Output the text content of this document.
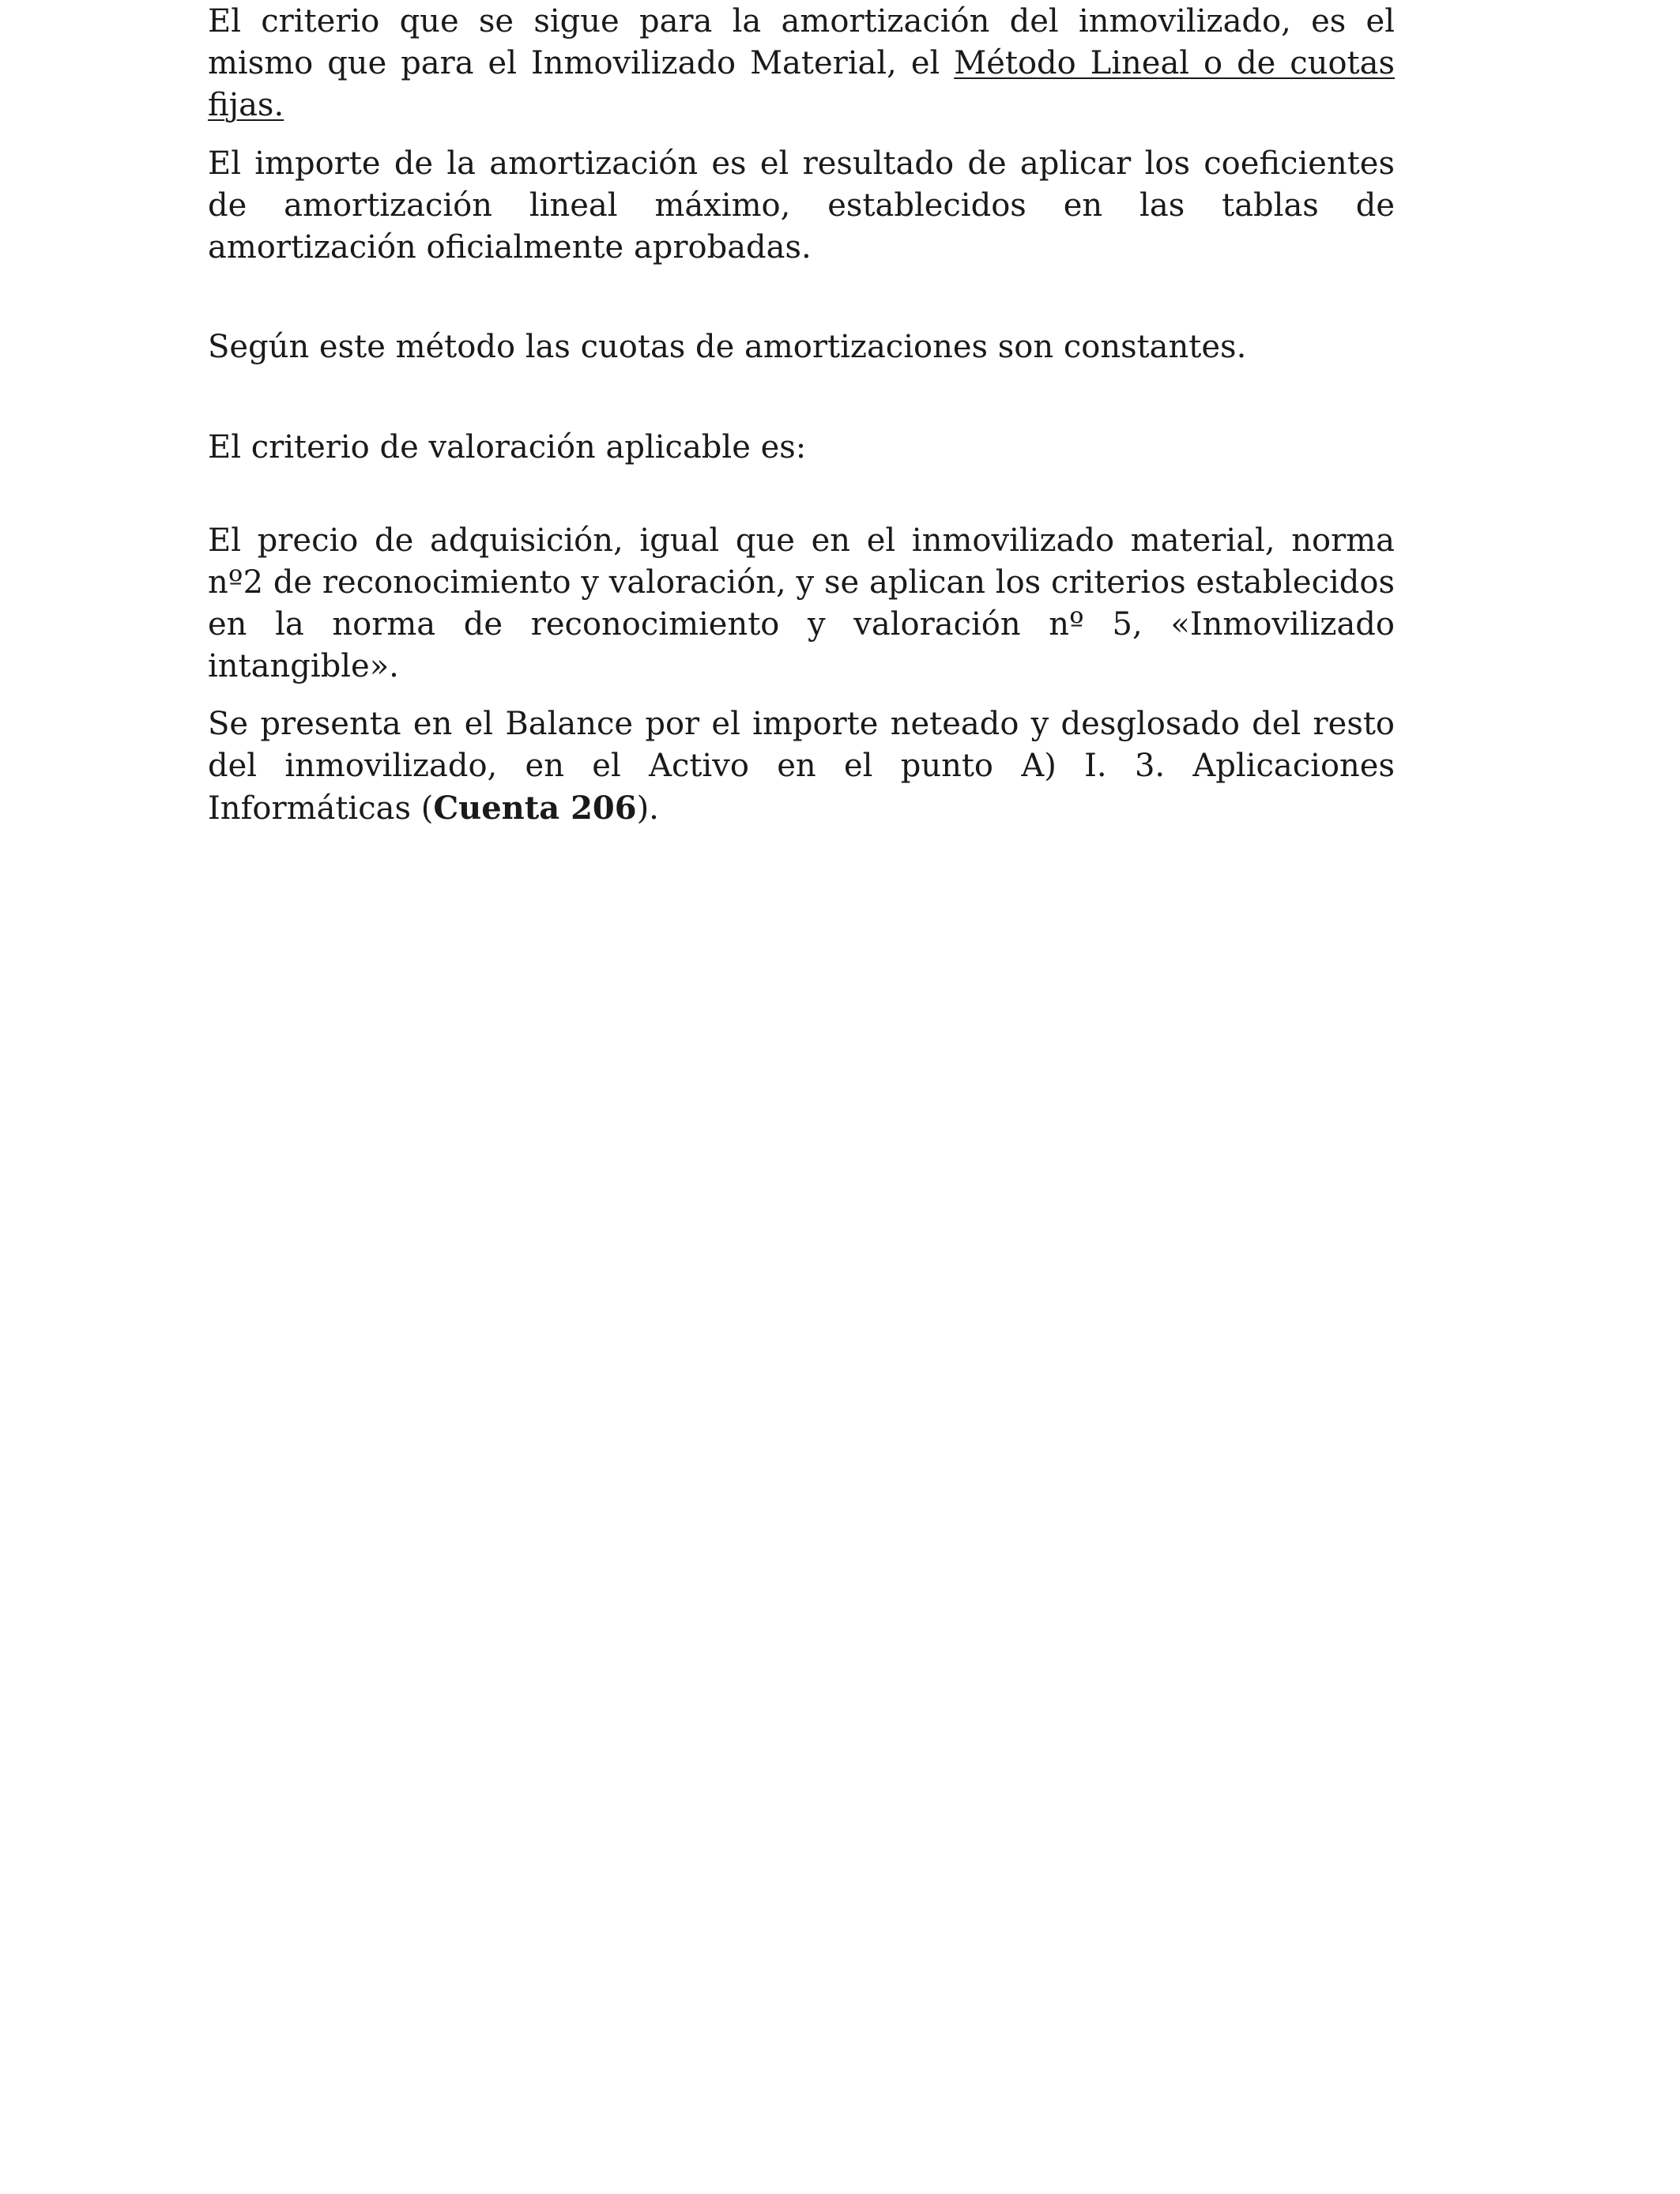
El criterio que se sigue para la amortización del inmovilizado, es el mismo que para el Inmovilizado Material, el Método Lineal o de cuotas fijas.

El importe de la amortización es el resultado de aplicar los coeficientes de amortización lineal máximo, establecidos en las tablas de amortización oficialmente aprobadas.

Según este método las cuotas de amortizaciones son constantes.

El criterio de valoración aplicable es:

El precio de adquisición, igual que en el inmovilizado material, norma nº2 de reconocimiento y valoración, y se aplican los criterios establecidos en la norma de reconocimiento y valoración nº 5, «Inmovilizado intangible».

Se presenta en el Balance por el importe neteado y desglosado del resto del inmovilizado, en el Activo en el punto A) I. 3. Aplicaciones Informáticas (Cuenta 206).
